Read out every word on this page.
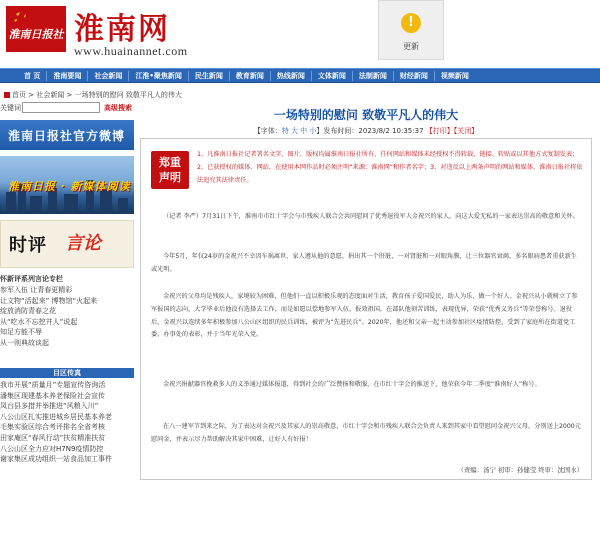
淮南日报社 淮南网
www.huainannet.com
!
更新
首 页	淮南要闻	社会新闻	江淮•聚焦新闻	民生新闻	教育新闻	热线新闻	文体新闻	法制新闻	财经新闻	视频新闻
首页 > 社会新闻 > 一场特别的慰问 致敬平凡人的伟大
关键词	高级搜索
淮南日报社官方微博
淮南日报 · 新媒体阅读
时评 言论
怀新评系列言论专栏
参军入伍 让青春更精彩
让文物“活起来” 博物馆“火起来
绽放消防青春之花
从“吃水不忘挖井人”说起
知足方能不辱
从一则典故谈起
目区传真
我市开展“质量月”专题宣传咨询活
潘集区现建基本养老保险社会宣传
凤台县多措并举推进“风粮入川”
八公山区扎实推进城乡居民基本养老
毛集实验区综合考评排名全省考核
田家庵区“春风行动”扶贫精准扶贫
八公山区全力应对H7N9疫情防控
谢家集区成功组织一站食品加工事件
一场特别的慰问 致敬平凡人的伟大
【字体：特 大 中 小】发布时间：2023/8/2 10:35:37 【打印】【关闭】
郑重
声明
1、凡淮南日报社记者署名文字、图片，版权均属淮南日报社所有，任何网站和媒体未经授权不得转载、链接、转贴或以其他方式复制发表；2、已获授权的媒体、网站，在使用本网作品时必须注明“来源：淮南网”和作者名字；3、对违反以上两条声明的网站和媒体，淮南日报社将依法追究其法律责任。
（记者 李严）7月31日下午，淮南市市红十字会与市残疾人联合会共同慰问了优秀退役军人金祝兴的家人，向这大爱无私的一家表达崇高的敬意和关怀。
今年5月，年仅24岁的金祝兴不幸因车祸离世，家人遵从他的意愿，捐出其一个肝脏、一对肾脏和一对眼角膜，让三位器官衰竭、多名眼病患者重获新生或光明。
金祝兴的父母均是残疾人，家境较为困难，但他们一直以积极乐观的态度面对生活，教育孩子爱国爱民，助人为乐，做一个好人。金祝兴从小就树立了参军报国的志向，大学毕业后他没有选择去工作，而是如愿以偿地参军入伍，报效祖国。在部队他刻苦训练，表现优异，荣获“优秀义务兵”等荣誉称号。退役后，金祝兴以连续多年积极参加八公山区组织的民兵训练，被评为“先进民兵”。2020年，他还和父亲一起主动参加社区疫情防控，受到了家庭所在街道党工委、办事处的表彰，并于当年光荣入党。
金祝兴捐献器官挽救多人的义举通过媒体报道，得到社会的广泛赞扬和敬服，在市红十字会的推送下，他荣获今年二季度“淮南好人”称号。
在八一建军节到来之际，为了表达对金祝兴及其家人的崇高敬意，市红十字会和市残疾人联合会负责人来到其家中看望慰问金祝兴父母，分别送上2000元慰问金，并表示尽力帮助解决其家中困难，让好人有好报！
（责编：汤宁 初审：孙健莹 终审：沈国水）
